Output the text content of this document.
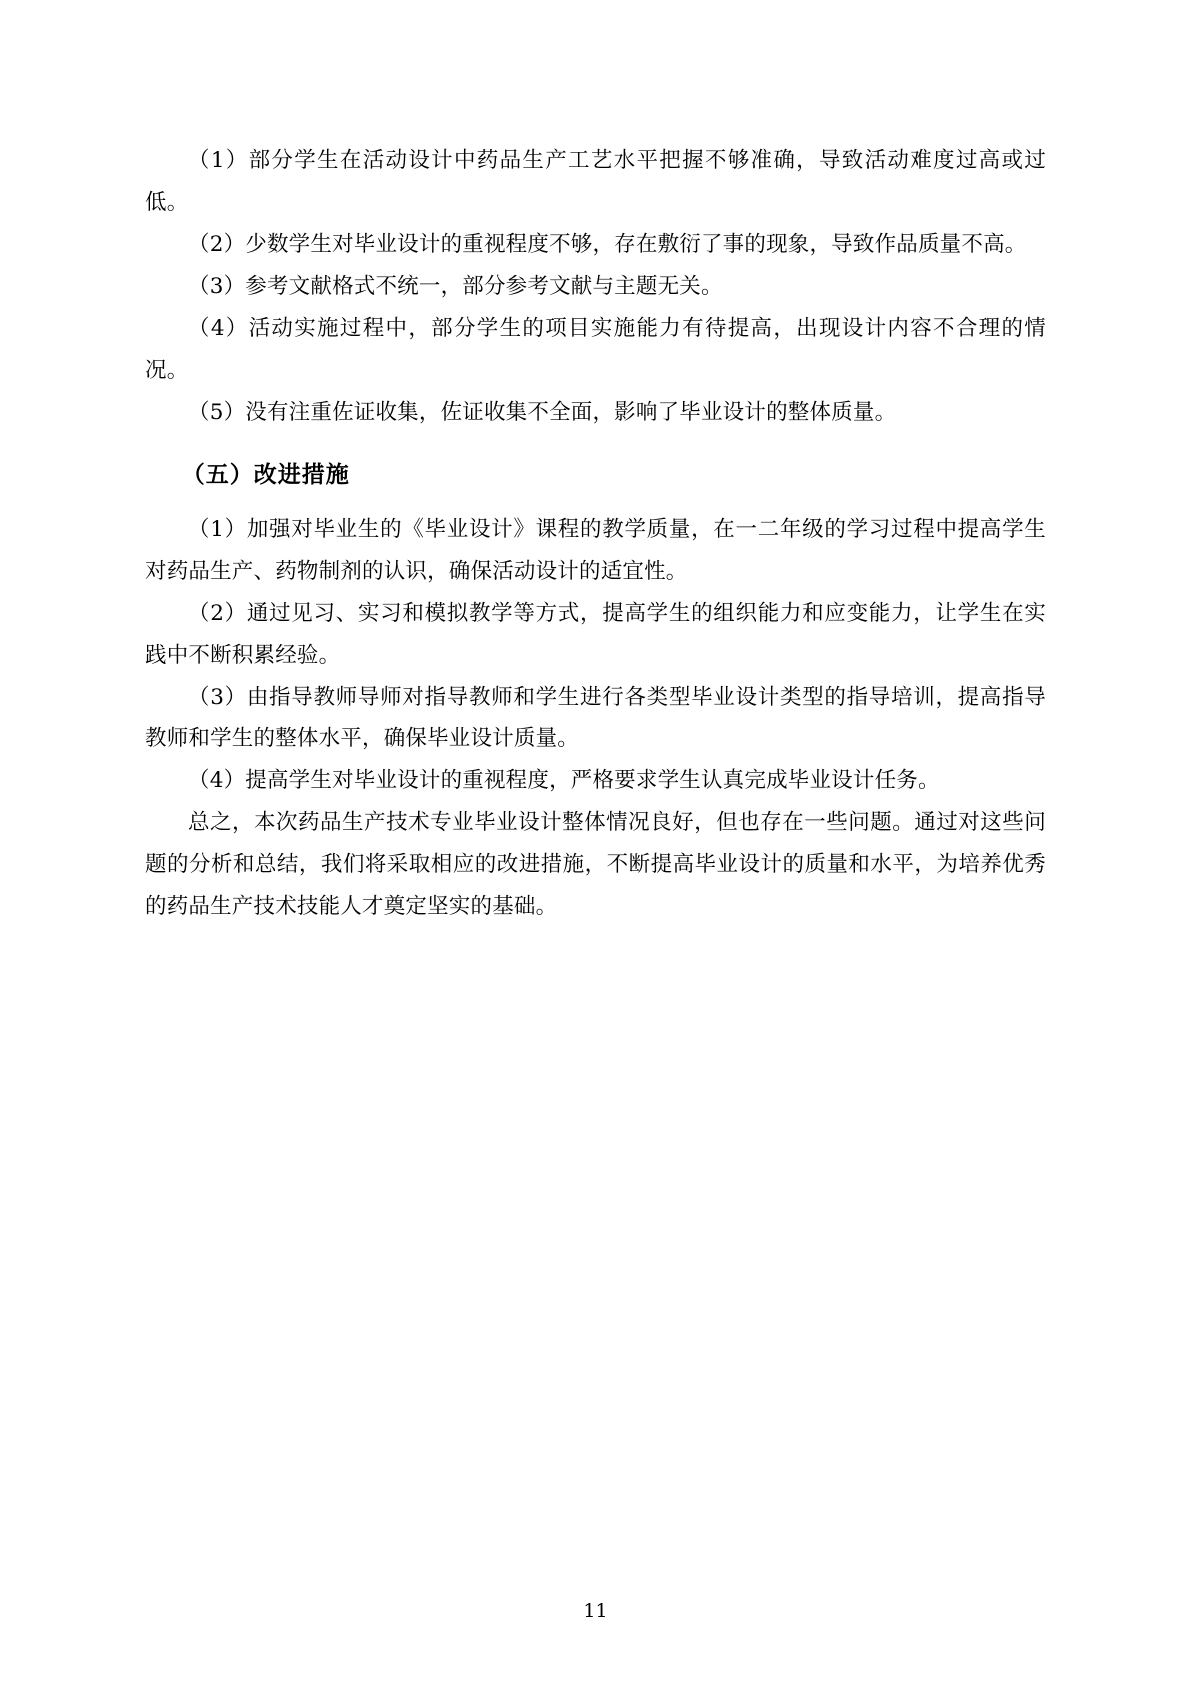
（1）部分学生在活动设计中药品生产工艺水平把握不够准确，导致活动难度过高或过低。

（2）少数学生对毕业设计的重视程度不够，存在敷衍了事的现象，导致作品质量不高。

（3）参考文献格式不统一，部分参考文献与主题无关。

（4）活动实施过程中，部分学生的项目实施能力有待提高，出现设计内容不合理的情况。

（5）没有注重佐证收集，佐证收集不全面，影响了毕业设计的整体质量。

（五）改进措施

（1）加强对毕业生的《毕业设计》课程的教学质量，在一二年级的学习过程中提高学生对药品生产、药物制剂的认识，确保活动设计的适宜性。

（2）通过见习、实习和模拟教学等方式，提高学生的组织能力和应变能力，让学生在实践中不断积累经验。

（3）由指导教师导师对指导教师和学生进行各类型毕业设计类型的指导培训，提高指导教师和学生的整体水平，确保毕业设计质量。

（4）提高学生对毕业设计的重视程度，严格要求学生认真完成毕业设计任务。

总之，本次药品生产技术专业毕业设计整体情况良好，但也存在一些问题。通过对这些问题的分析和总结，我们将采取相应的改进措施，不断提高毕业设计的质量和水平，为培养优秀的药品生产技术技能人才奠定坚实的基础。

11
